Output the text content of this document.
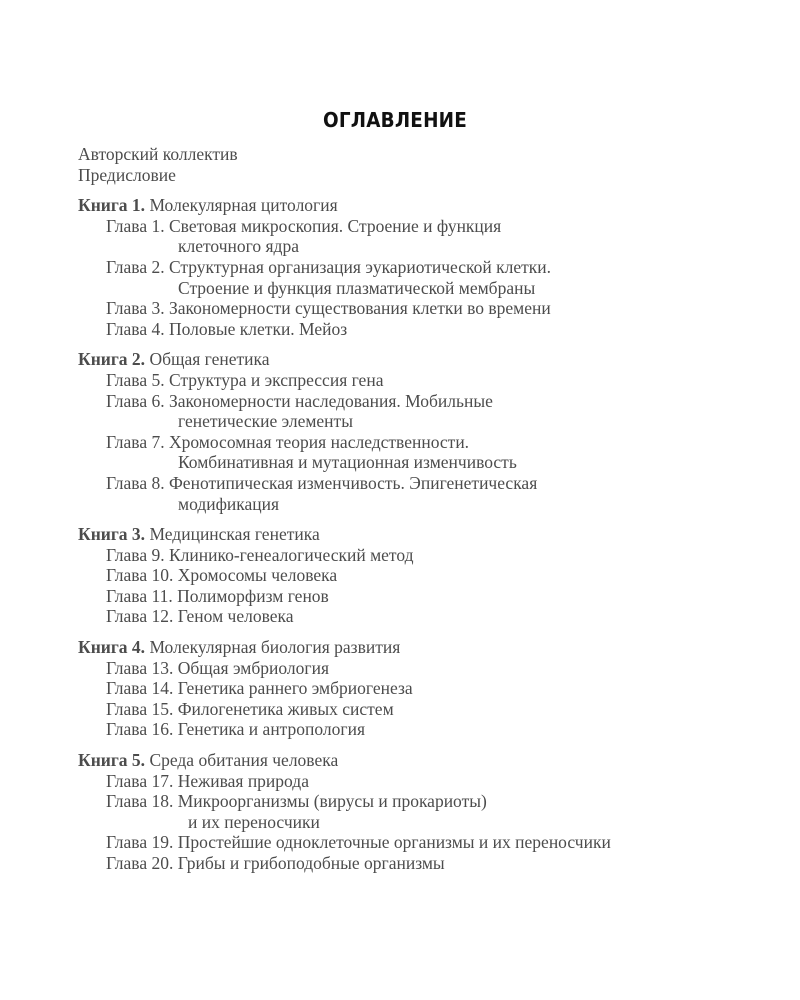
ОГЛАВЛЕНИЕ
Авторский коллектив
Предисловие
Книга 1. Молекулярная цитология
Глава 1. Световая микроскопия. Строение и функция
клеточного ядра
Глава 2. Структурная организация эукариотической клетки.
Строение и функция плазматической мембраны
Глава 3. Закономерности существования клетки во времени
Глава 4. Половые клетки. Мейоз
Книга 2. Общая генетика
Глава 5. Структура и экспрессия гена
Глава 6. Закономерности наследования. Мобильные
генетические элементы
Глава 7. Хромосомная теория наследственности.
Комбинативная и мутационная изменчивость
Глава 8. Фенотипическая изменчивость. Эпигенетическая
модификация
Книга 3. Медицинская генетика
Глава 9. Клинико-генеалогический метод
Глава 10. Хромосомы человека
Глава 11. Полиморфизм генов
Глава 12. Геном человека
Книга 4. Молекулярная биология развития
Глава 13. Общая эмбриология
Глава 14. Генетика раннего эмбриогенеза
Глава 15. Филогенетика живых систем
Глава 16. Генетика и антропология
Книга 5. Среда обитания человека
Глава 17. Неживая природа
Глава 18. Микроорганизмы (вирусы и прокариоты)
и их переносчики
Глава 19. Простейшие одноклеточные организмы и их переносчики
Глава 20. Грибы и грибоподобные организмы
